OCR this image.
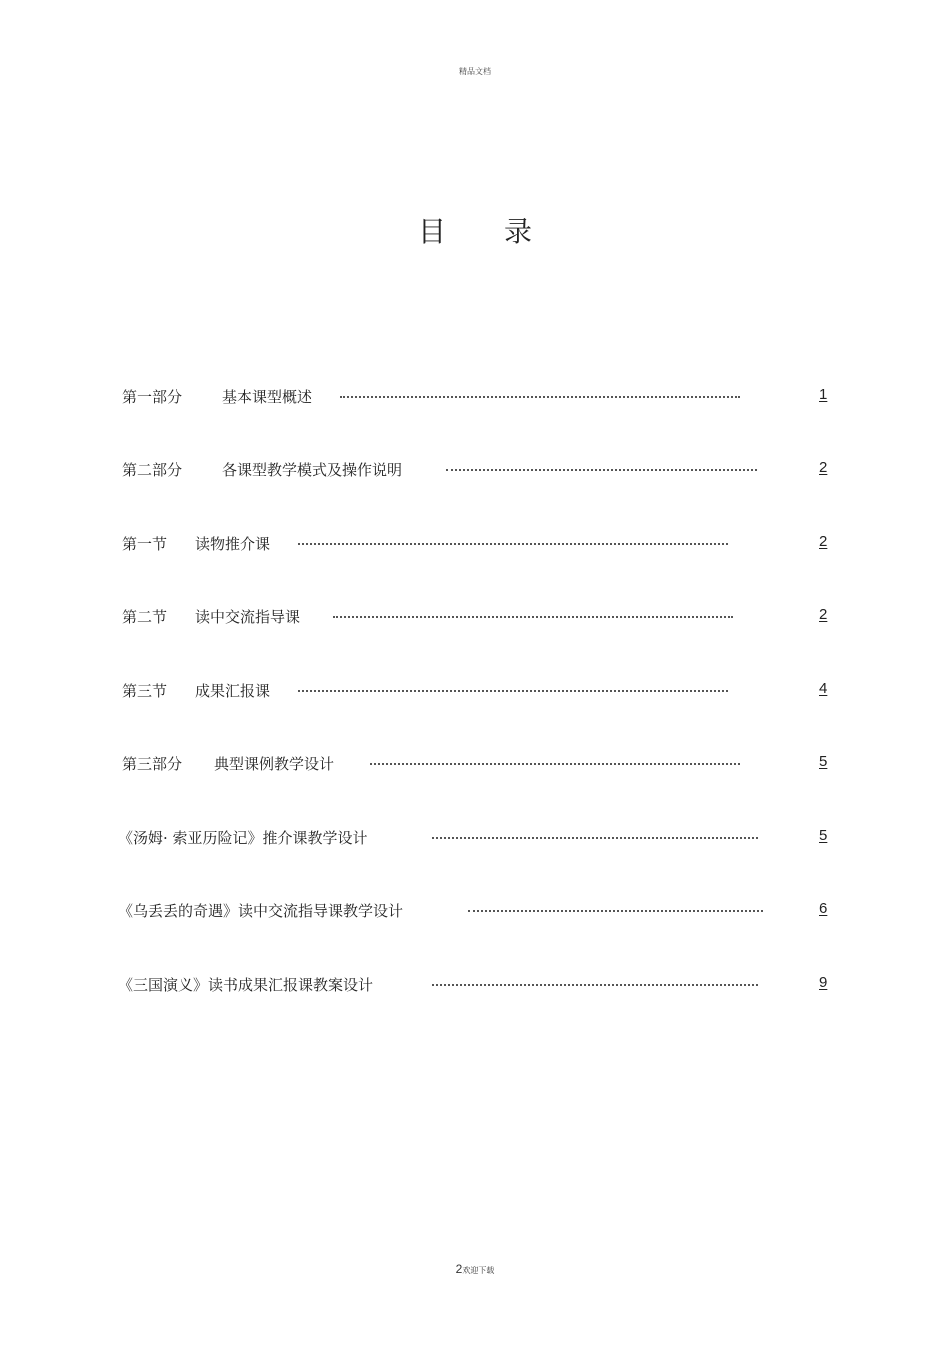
精品文档
目 录
第一部分	基本课型概述	1
第二部分	各课型教学模式及操作说明	2
第一节 读物推介课	2
第二节 读中交流指导课	2
第三节 成果汇报课	4
第三部分 典型课例教学设计	5
《汤姆· 索亚历险记》推介课教学设计	5
《乌丢丢的奇遇》读中交流指导课教学设计	6
《三国演义》读书成果汇报课教案设计	9
2欢迎下载
